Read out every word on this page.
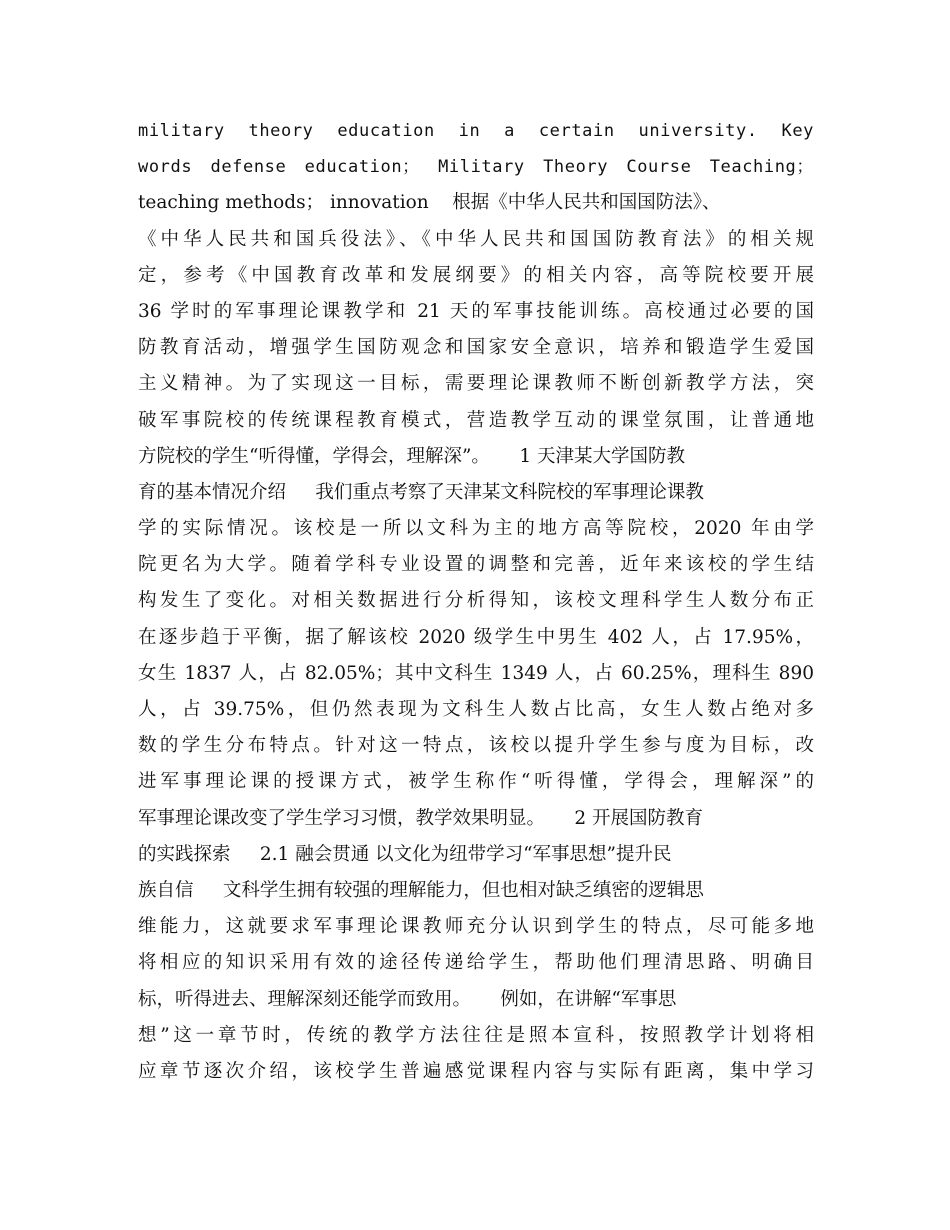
military theory education in a certain university. Key
words defense education； Military Theory Course Teaching；
teaching methods； innovation    根据《中华人民共和国国防法》、
《中华人民共和国兵役法》、《中华人民共和国国防教育法》的相关规
定，参考《中国教育改革和发展纲要》的相关内容，高等院校要开展
36 学时的军事理论课教学和 21 天的军事技能训练。高校通过必要的国
防教育活动，增强学生国防观念和国家安全意识，培养和锻造学生爱国
主义精神。为了实现这一目标，需要理论课教师不断创新教学方法，突
破军事院校的传统课程教育模式，营造教学互动的课堂氛围，让普通地
方院校的学生“听得懂，学得会，理解深”。     1 天津某大学国防教
育的基本情况介绍     我们重点考察了天津某文科院校的军事理论课教
学的实际情况。该校是一所以文科为主的地方高等院校，2020 年由学
院更名为大学。随着学科专业设置的调整和完善，近年来该校的学生结
构发生了变化。对相关数据进行分析得知，该校文理科学生人数分布正
在逐步趋于平衡，据了解该校 2020 级学生中男生 402 人，占 17.95%，
女生 1837 人，占 82.05%；其中文科生 1349 人，占 60.25%，理科生 890
人，占 39.75%，但仍然表现为文科生人数占比高，女生人数占绝对多
数的学生分布特点。针对这一特点，该校以提升学生参与度为目标，改
进军事理论课的授课方式，被学生称作“听得懂，学得会，理解深”的
军事理论课改变了学生学习习惯，教学效果明显。     2 开展国防教育
的实践探索     2.1 融会贯通 以文化为纽带学习“军事思想”提升民
族自信     文科学生拥有较强的理解能力，但也相对缺乏缜密的逻辑思
维能力，这就要求军事理论课教师充分认识到学生的特点，尽可能多地
将相应的知识采用有效的途径传递给学生，帮助他们理清思路、明确目
标，听得进去、理解深刻还能学而致用。     例如，在讲解“军事思
想”这一章节时，传统的教学方法往往是照本宣科，按照教学计划将相
应章节逐次介绍，该校学生普遍感觉课程内容与实际有距离，集中学习
